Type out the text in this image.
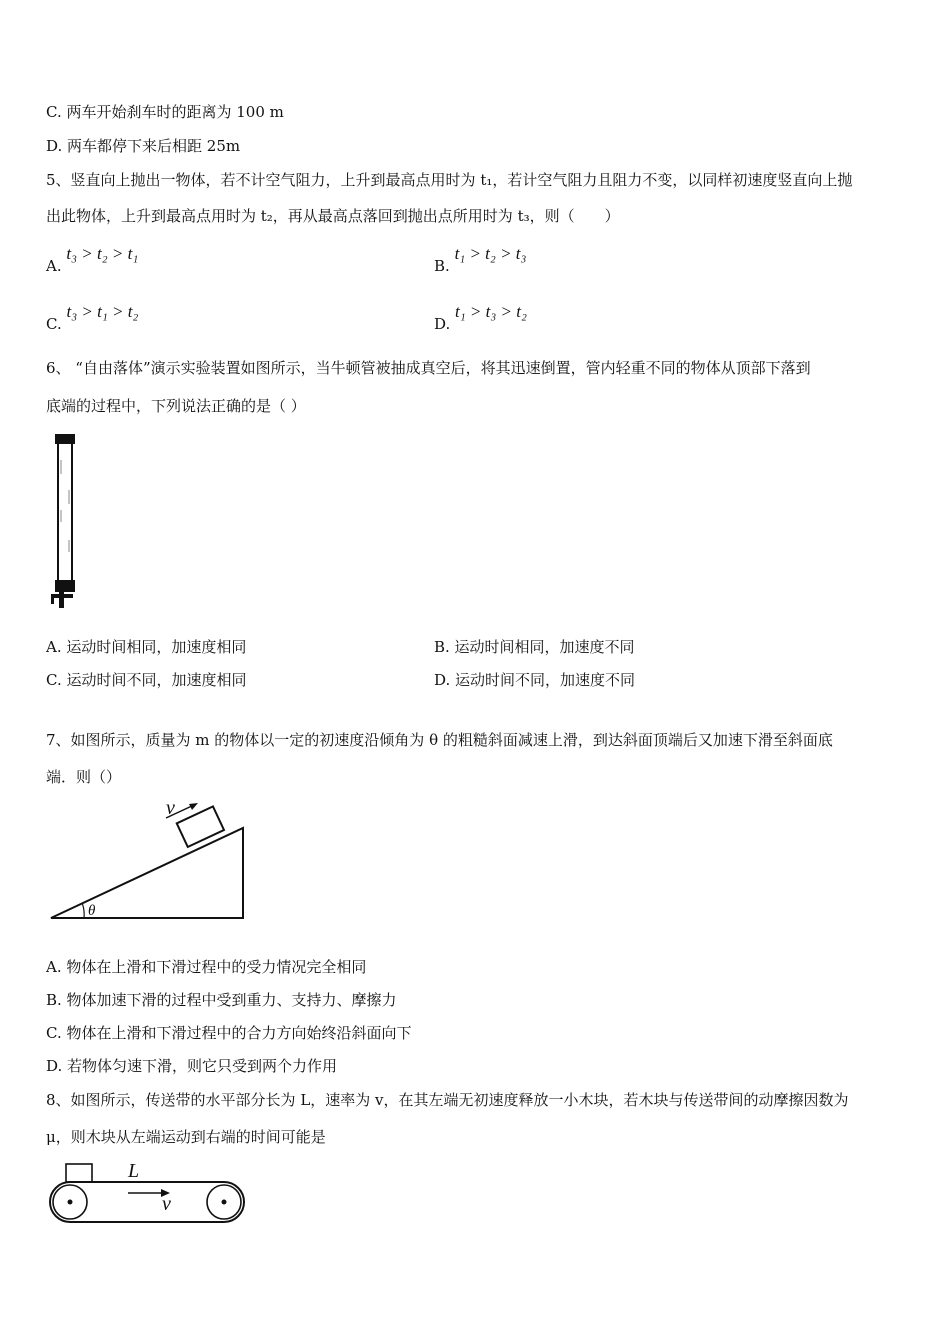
C. 两车开始刹车时的距离为 100 m
D. 两车都停下来后相距 25m
5、竖直向上抛出一物体，若不计空气阻力，上升到最高点用时为 t₁，若计空气阻力且阻力不变，以同样初速度竖直向上抛
出此物体，上升到最高点用时为 t₂，再从最高点落回到抛出点所用时为 t₃，则（　　）
A. t₃ > t₂ > t₁
B. t₁ > t₂ > t₃
C. t₃ > t₁ > t₂
D. t₁ > t₃ > t₂
6、 “自由落体”演示实验装置如图所示，当牛顿管被抽成真空后，将其迅速倒置，管内轻重不同的物体从顶部下落到
底端的过程中，下列说法正确的是（ ）
A. 运动时间相同，加速度相同	B. 运动时间相同，加速度不同
C. 运动时间不同，加速度相同	D. 运动时间不同，加速度不同
7、如图所示，质量为 m 的物体以一定的初速度沿倾角为 θ 的粗糙斜面减速上滑，到达斜面顶端后又加速下滑至斜面底
端．则（）
v
θ
A. 物体在上滑和下滑过程中的受力情况完全相同
B. 物体加速下滑的过程中受到重力、支持力、摩擦力
C. 物体在上滑和下滑过程中的合力方向始终沿斜面向下
D. 若物体匀速下滑，则它只受到两个力作用
8、如图所示，传送带的水平部分长为 L，速率为 v，在其左端无初速度释放一小木块，若木块与传送带间的动摩擦因数为
μ，则木块从左端运动到右端的时间可能是
L
v
